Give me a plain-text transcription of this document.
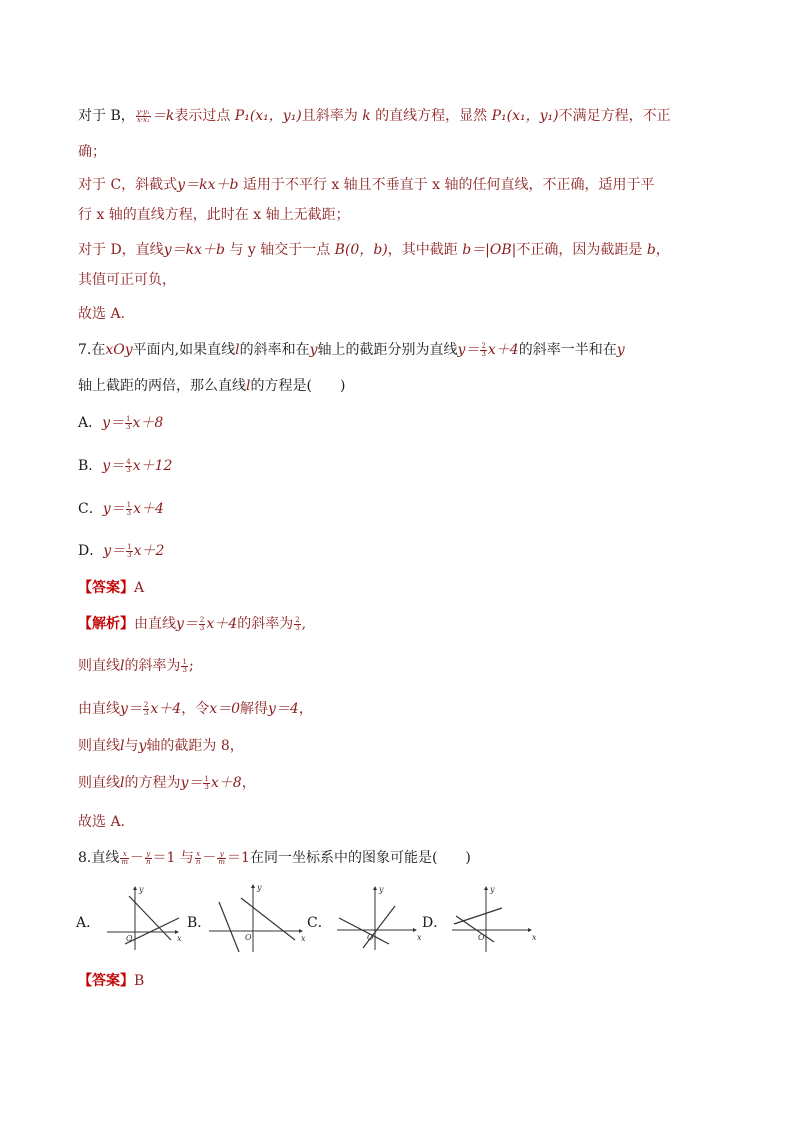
对于 B， $\frac{\text{y-y₁}}{\text{x-x₁}} =k$表示过点 P₁(x₁，y₁)且斜率为 k 的直线方程，显然 P₁(x₁，y₁)不满足方程，不正
确；
对于 C，斜截式y＝kx＋b 适用于不平行 x 轴且不垂直于 x 轴的任何直线，不正确，适用于平
行 x 轴的直线方程，此时在 x 轴上无截距；
对于 D，直线y＝kx＋b 与 y 轴交于一点 B(0，b)，其中截距 b＝|OB|不正确，因为截距是 b，
其值可正可负，
故选 A.
7.在xOy平面内,如果直线l的斜率和在y轴上的截距分别为直线$y= \frac{2}{3} x+4$的斜率一半和在y
轴上截距的两倍，那么直线l的方程是(　　)
A．$y= \frac{1}{3} x+8$
B．$y= \frac{4}{3} x+12$
C．$y= \frac{1}{3} x+4$
D．$y= \frac{1}{3} x+2$
【答案】A
【解析】由直线$y= \frac{2}{3} x+4$的斜率为 $\frac{2}{3}$ ,
则直线l的斜率为 $\frac{1}{3}$ ;
由直线$y= \frac{2}{3} x+4$，令x＝0解得y＝4，
则直线l与y轴的截距为 8，
则直线l的方程为$y= \frac{1}{3} x+8$，
故选 A.
8.直线 $\frac{x}{m} - \frac{y}{n} =1$ 与 $\frac{x}{n} - \frac{y}{m} =1$在同一坐标系中的图象可能是(　　)
A．	B．	C．	D．
y
O	x
y
O	x
y
O	x
y
O	x
【答案】B
